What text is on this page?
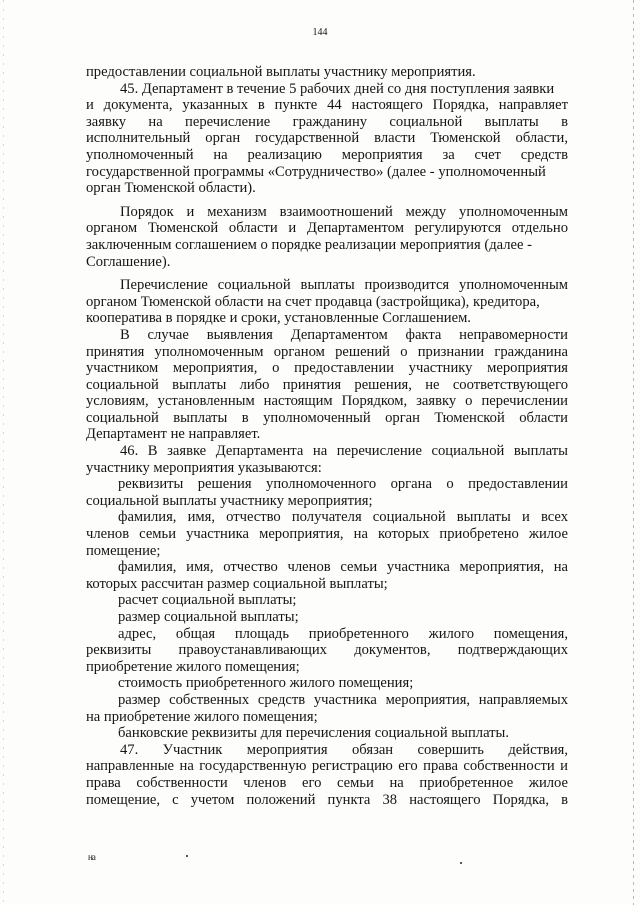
144
предоставлении социальной выплаты участнику мероприятия.
45. Департамент в течение 5 рабочих дней со дня поступления заявки
и документа, указанных в пункте 44 настоящего Порядка, направляет
заявку на перечисление гражданину социальной выплаты в
исполнительный орган государственной власти Тюменской области,
уполномоченный на реализацию мероприятия за счет средств
государственной программы «Сотрудничество» (далее - уполномоченный
орган Тюменской области).
Порядок и механизм взаимоотношений между уполномоченным
органом Тюменской области и Департаментом регулируются отдельно
заключенным соглашением о порядке реализации мероприятия (далее -
Соглашение).
Перечисление социальной выплаты производится уполномоченным
органом Тюменской области на счет продавца (застройщика), кредитора,
кооператива в порядке и сроки, установленные Соглашением.
В случае выявления Департаментом факта неправомерности
принятия уполномоченным органом решений о признании гражданина
участником мероприятия, о предоставлении участнику мероприятия
социальной выплаты либо принятия решения, не соответствующего
условиям, установленным настоящим Порядком, заявку о перечислении
социальной выплаты в уполномоченный орган Тюменской области
Департамент не направляет.
46. В заявке Департамента на перечисление социальной выплаты
участнику мероприятия указываются:
реквизиты решения уполномоченного органа о предоставлении
социальной выплаты участнику мероприятия;
фамилия, имя, отчество получателя социальной выплаты и всех
членов семьи участника мероприятия, на которых приобретено жилое
помещение;
фамилия, имя, отчество членов семьи участника мероприятия, на
которых рассчитан размер социальной выплаты;
расчет социальной выплаты;
размер социальной выплаты;
адрес, общая площадь приобретенного жилого помещения,
реквизиты правоустанавливающих документов, подтверждающих
приобретение жилого помещения;
стоимость приобретенного жилого помещения;
размер собственных средств участника мероприятия, направляемых
на приобретение жилого помещения;
банковские реквизиты для перечисления социальной выплаты.
47. Участник мероприятия обязан совершить действия,
направленные на государственную регистрацию его права собственности и
права собственности членов его семьи на приобретенное жилое
помещение, с учетом положений пункта 38 настоящего Порядка, в
на
